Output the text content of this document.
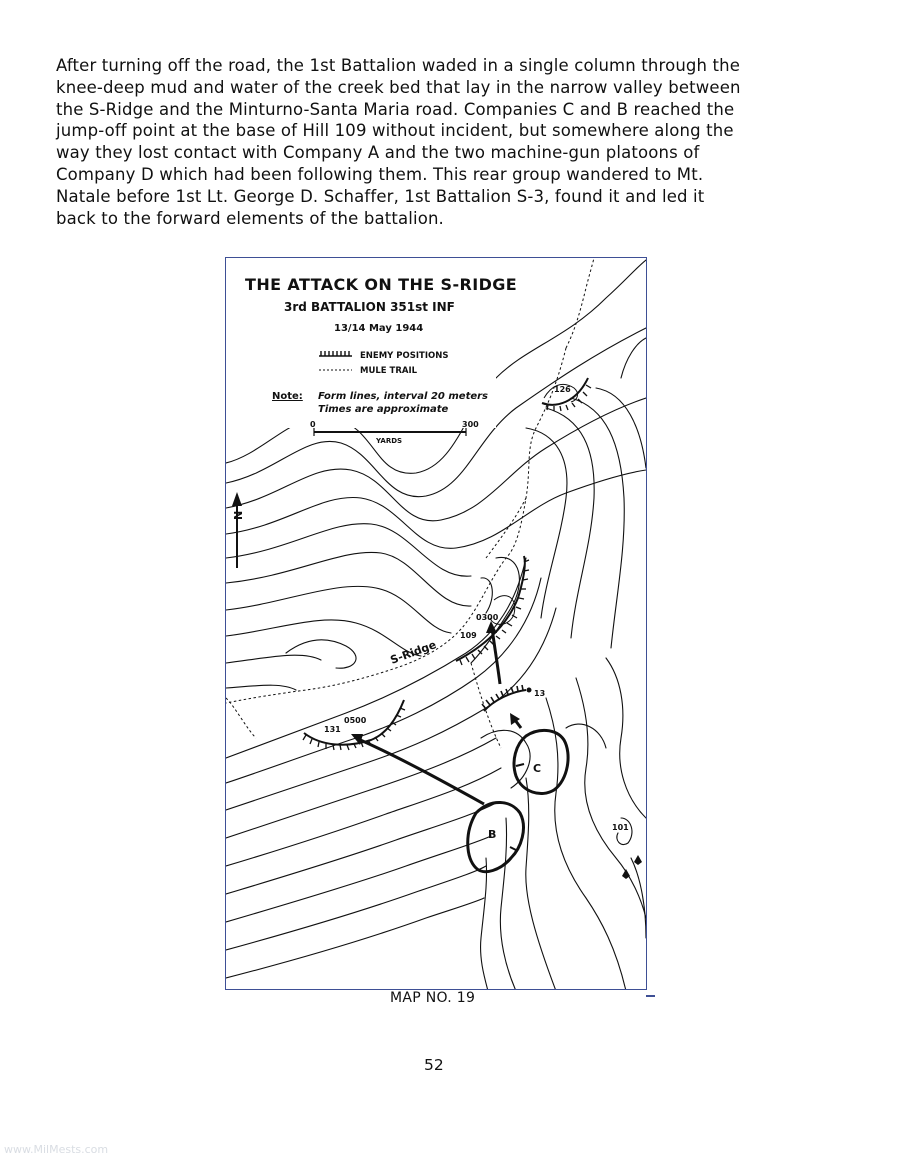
After turning off the road, the 1st Battalion waded in a single column through the
knee-deep mud and water of the creek bed that lay in the narrow valley between
the S-Ridge and the Minturno-Santa Maria road. Companies C and B reached the
jump-off point at the base of Hill 109 without incident, but somewhere along the
way they lost contact with Company A and the two machine-gun platoons of
Company D which had been following them. This rear group wandered to Mt.
Natale before 1st Lt. George D. Schaffer, 1st Battalion S-3, found it and led it
back to the forward elements of the battalion.
THE ATTACK ON THE S-RIDGE
3rd BATTALION 351st INF
13/14 May 1944
ENEMY POSITIONS
MULE TRAIL
Note: Form lines, interval 20 meters
Times are approximate
0	300
YARDS
N
S-Ridge
126
109
0300
13
131
0500
C
B
101

MAP NO. 19

52

www.MilMests.com
